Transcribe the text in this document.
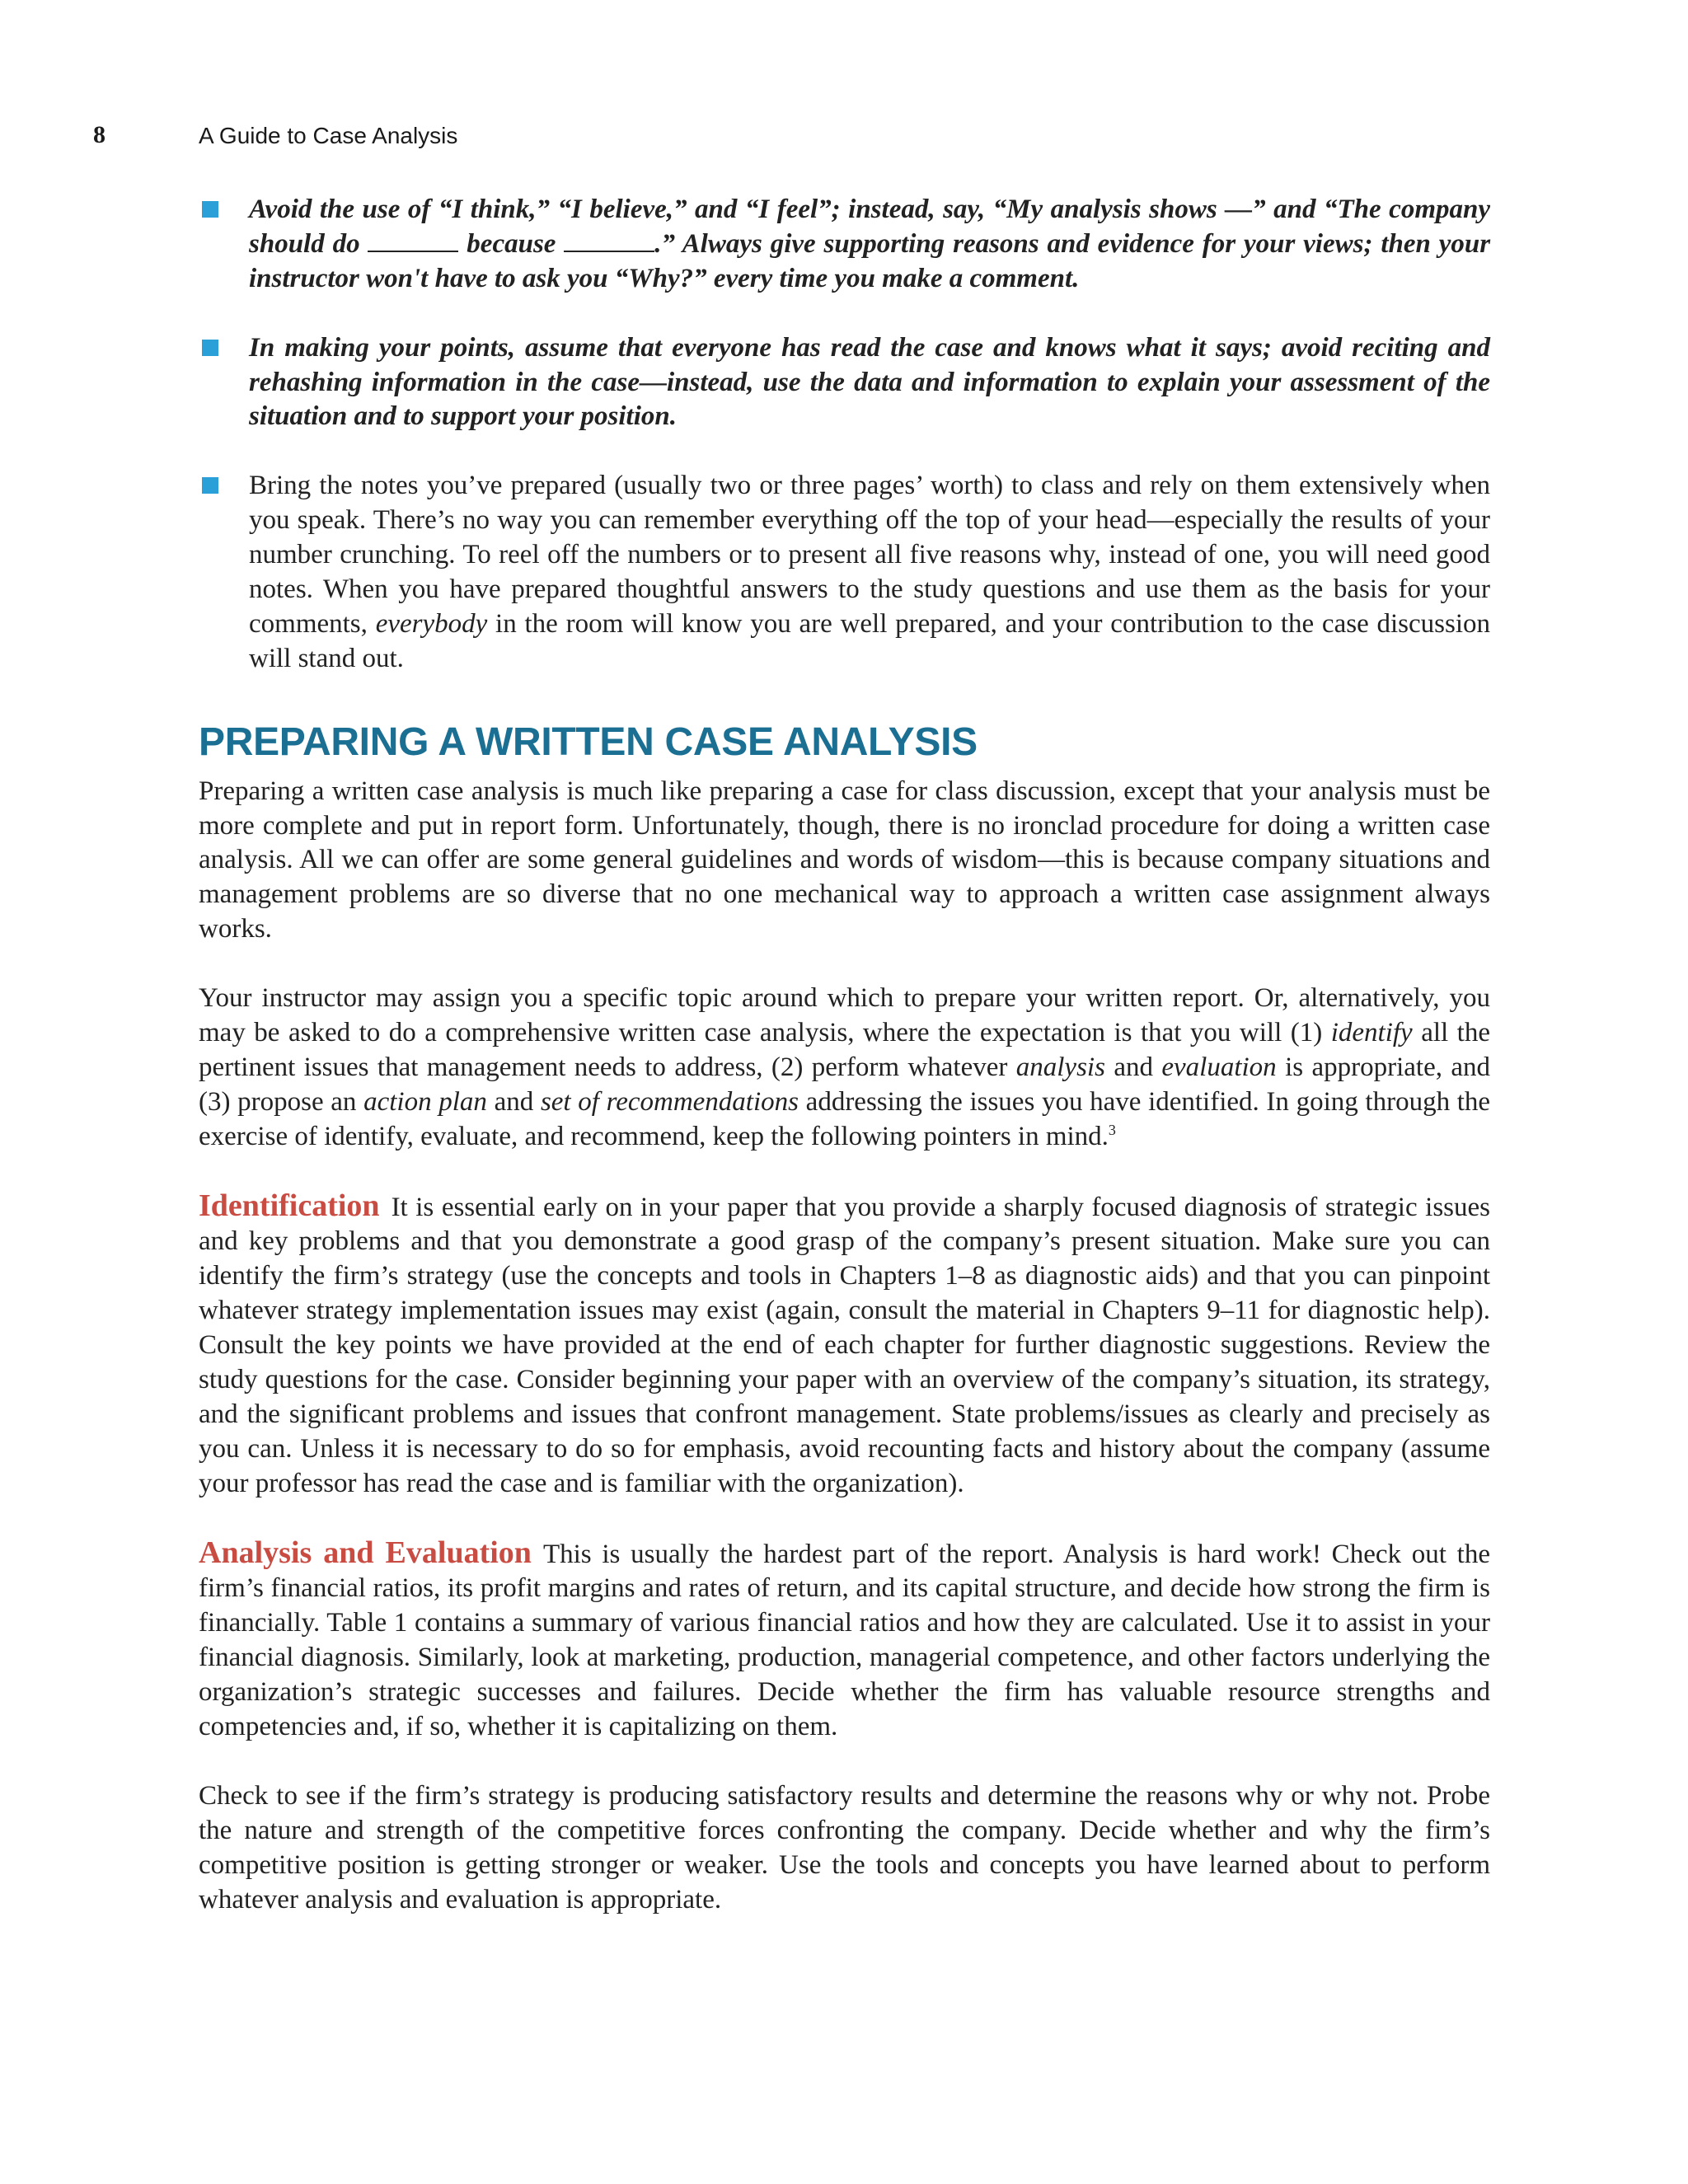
8	A Guide to Case Analysis
Avoid the use of “I think,” “I believe,” and “I feel”; instead, say, “My analysis shows —” and “The company should do	because	.” Always give supporting reasons and evidence for your views; then your instructor won't have to ask you “Why?” every time you make a comment.
In making your points, assume that everyone has read the case and knows what it says; avoid reciting and rehashing information in the case—instead, use the data and information to explain your assessment of the situation and to support your position.
Bring the notes you’ve prepared (usually two or three pages’ worth) to class and rely on them extensively when you speak. There’s no way you can remember everything off the top of your head—especially the results of your number crunching. To reel off the numbers or to present all five reasons why, instead of one, you will need good notes. When you have prepared thoughtful answers to the study questions and use them as the basis for your comments, everybody in the room will know you are well prepared, and your contribution to the case discussion will stand out.
PREPARING A WRITTEN CASE ANALYSIS
Preparing a written case analysis is much like preparing a case for class discussion, except that your analysis must be more complete and put in report form. Unfortunately, though, there is no ironclad procedure for doing a written case analysis. All we can offer are some general guidelines and words of wisdom—this is because company situations and management problems are so diverse that no one mechanical way to approach a written case assignment always works.
Your instructor may assign you a specific topic around which to prepare your written report. Or, alternatively, you may be asked to do a comprehensive written case analysis, where the expectation is that you will (1) identify all the pertinent issues that management needs to address, (2) perform whatever analysis and evaluation is appropriate, and (3) propose an action plan and set of recommendations addressing the issues you have identified. In going through the exercise of identify, evaluate, and recommend, keep the following pointers in mind.$^3$
Identification It is essential early on in your paper that you provide a sharply focused diagnosis of strategic issues and key problems and that you demonstrate a good grasp of the company’s present situation. Make sure you can identify the firm’s strategy (use the concepts and tools in Chapters 1–8 as diagnostic aids) and that you can pinpoint whatever strategy implementation issues may exist (again, consult the material in Chapters 9–11 for diagnostic help). Consult the key points we have provided at the end of each chapter for further diagnostic suggestions. Review the study questions for the case. Consider beginning your paper with an overview of the company’s situation, its strategy, and the significant problems and issues that confront management. State problems/issues as clearly and precisely as you can. Unless it is necessary to do so for emphasis, avoid recounting facts and history about the company (assume your professor has read the case and is familiar with the organization).
Analysis and Evaluation This is usually the hardest part of the report. Analysis is hard work! Check out the firm’s financial ratios, its profit margins and rates of return, and its capital structure, and decide how strong the firm is financially. Table 1 contains a summary of various financial ratios and how they are calculated. Use it to assist in your financial diagnosis. Similarly, look at marketing, production, managerial competence, and other factors underlying the organization’s strategic successes and failures. Decide whether the firm has valuable resource strengths and competencies and, if so, whether it is capitalizing on them.
Check to see if the firm’s strategy is producing satisfactory results and determine the reasons why or why not. Probe the nature and strength of the competitive forces confronting the company. Decide whether and why the firm’s competitive position is getting stronger or weaker. Use the tools and concepts you have learned about to perform whatever analysis and evaluation is appropriate.
